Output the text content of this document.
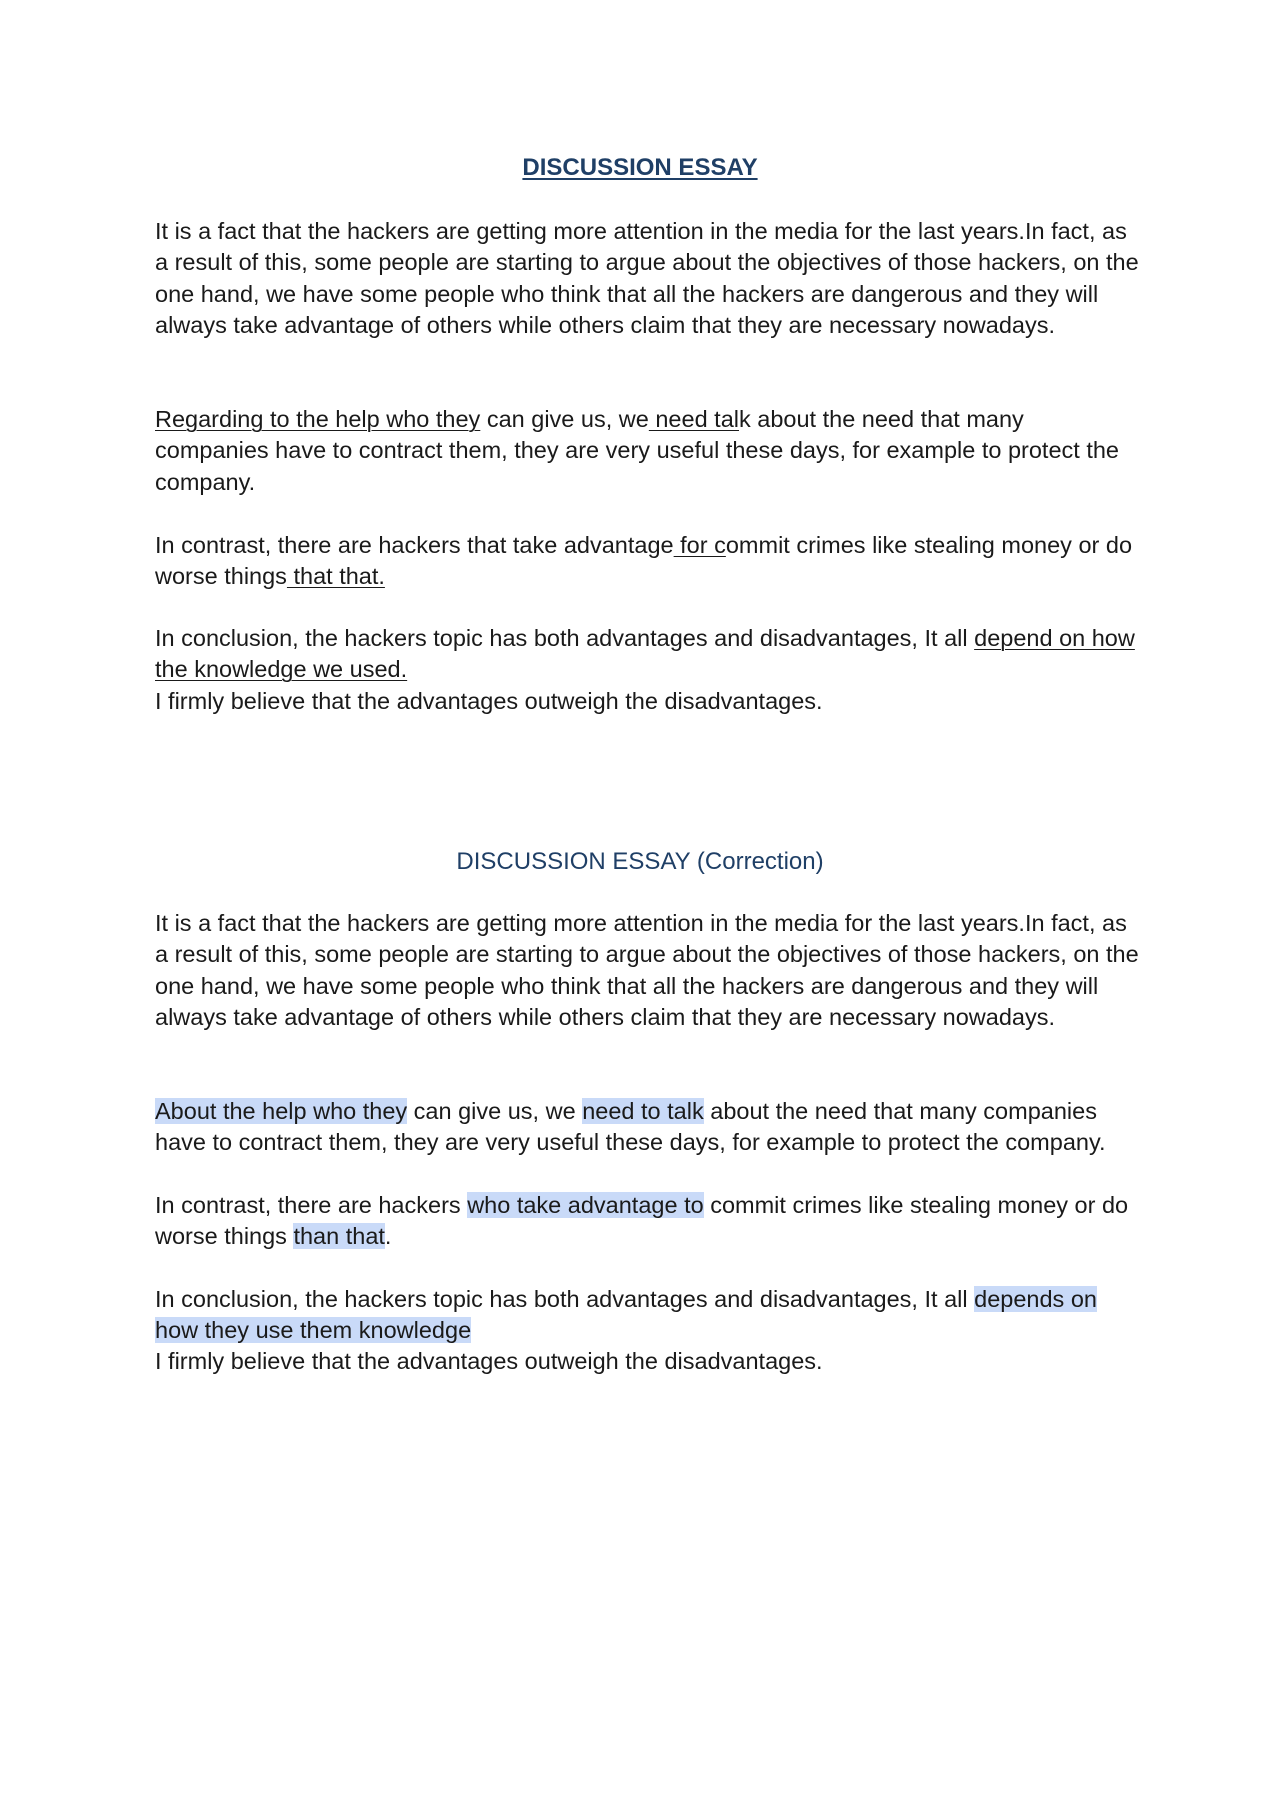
DISCUSSION ESSAY

It is a fact that the hackers are getting more attention in the media for the last years.In fact, as a result of this, some people are starting to argue about the objectives of those hackers, on the one hand, we have some people who think that all the hackers are dangerous and they will always take advantage of others while others claim that they are necessary nowadays.

Regarding to the help who they can give us, we need talk about the need that many companies have to contract them, they are very useful these days, for example to protect the company.

In contrast, there are hackers that take advantage for commit crimes like stealing money or do worse things that that.

In conclusion, the hackers topic has both advantages and disadvantages, It all depend on how the knowledge we used.

I firmly believe that the advantages outweigh the disadvantages.

DISCUSSION ESSAY (Correction)

It is a fact that the hackers are getting more attention in the media for the last years.In fact, as a result of this, some people are starting to argue about the objectives of those hackers, on the one hand, we have some people who think that all the hackers are dangerous and they will always take advantage of others while others claim that they are necessary nowadays.

About the help who they can give us, we need to talk about the need that many companies have to contract them, they are very useful these days, for example to protect the company.

In contrast, there are hackers who take advantage to commit crimes like stealing money or do worse things than that.

In conclusion, the hackers topic has both advantages and disadvantages, It all depends on how they use them knowledge

I firmly believe that the advantages outweigh the disadvantages.
